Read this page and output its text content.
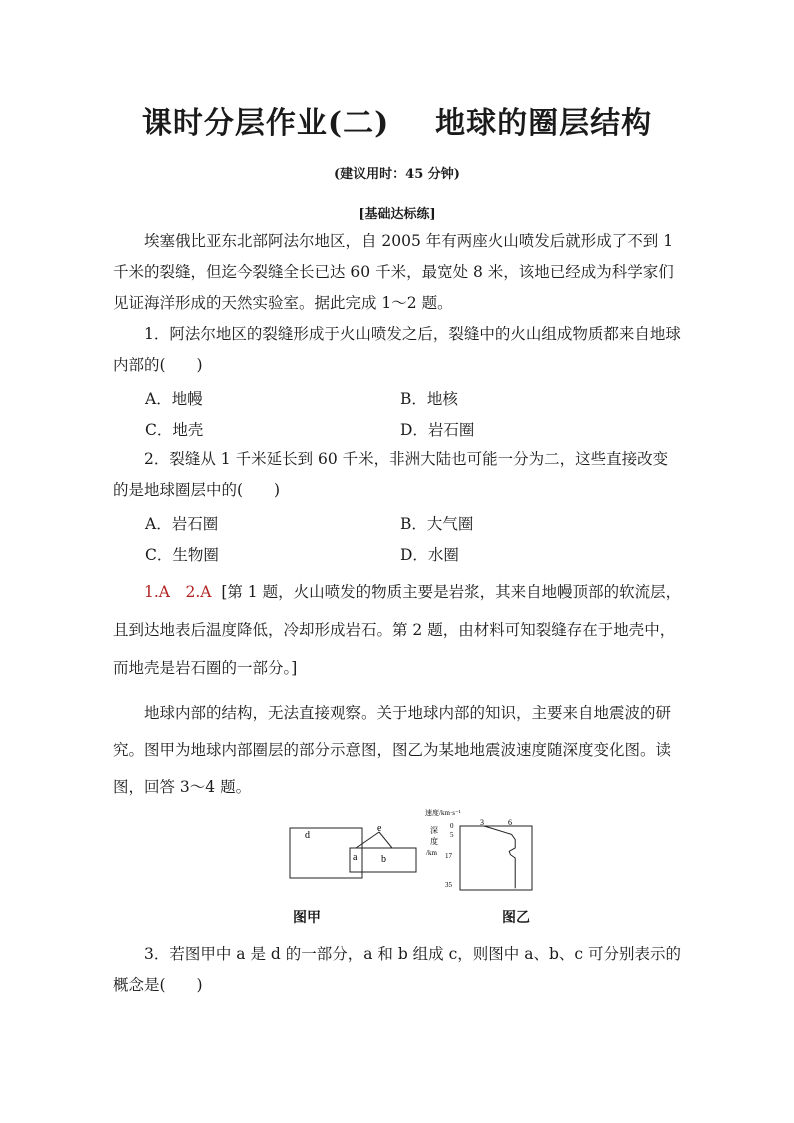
课时分层作业(二)    地球的圈层结构
(建议用时：45 分钟)
[基础达标练]
埃塞俄比亚东北部阿法尔地区，自 2005 年有两座火山喷发后就形成了不到 1 千米的裂缝，但迄今裂缝全长已达 60 千米，最宽处 8 米，该地已经成为科学家们见证海洋形成的天然实验室。据此完成 1～2 题。
1．阿法尔地区的裂缝形成于火山喷发之后，裂缝中的火山组成物质都来自地球内部的(　　)
A．地幔	B．地核
C．地壳	D．岩石圈
2．裂缝从 1 千米延长到 60 千米，非洲大陆也可能一分为二，这些直接改变的是地球圈层中的(　　)
A．岩石圈	B．大气圈
C．生物圈	D．水圈
1.A　2.A [第 1 题，火山喷发的物质主要是岩浆，其来自地幔顶部的软流层，且到达地表后温度降低，冷却形成岩石。第 2 题，由材料可知裂缝存在于地壳中，而地壳是岩石圈的一部分。]
地球内部的结构，无法直接观察。关于地球内部的知识，主要来自地震波的研究。图甲为地球内部圈层的部分示意图，图乙为某地地震波速度随深度变化图。读图，回答 3～4 题。
d
e
a b
图甲
速度/km·s⁻¹
3	6
深
度
/km
0
5
17
35
图乙
3．若图甲中 a 是 d 的一部分，a 和 b 组成 c，则图中 a、b、c 可分别表示的概念是(　　)
